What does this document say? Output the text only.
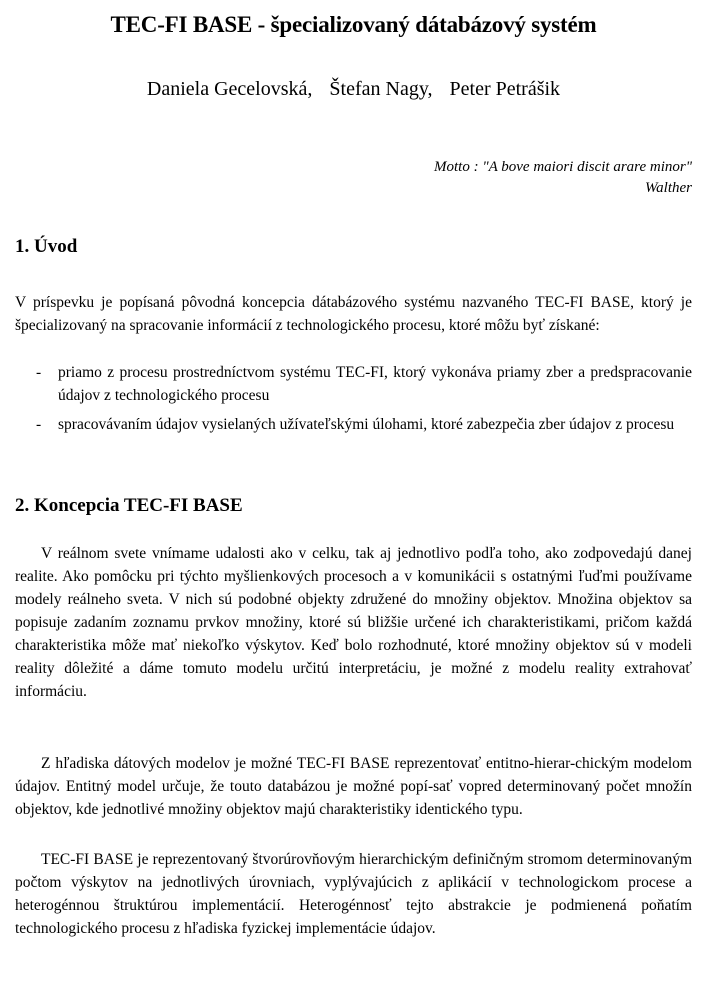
TEC-FI BASE - špecializovaný dátabázový systém
Daniela Gecelovská, Štefan Nagy, Peter Petrášik
Motto : "A bove maiori discit arare minor"
Walther
1. Úvod

V príspevku je popísaná pôvodná koncepcia dátabázového systému nazvaného TEC-FI BASE, ktorý je špecializovaný na spracovanie informácií z technologického procesu, ktoré môžu byť získané:

- priamo z procesu prostredníctvom systému TEC-FI, ktorý vykonáva priamy zber a predspracovanie údajov z technologického procesu
- spracovávaním údajov vysielaných užívateľskými úlohami, ktoré zabezpečia zber údajov z procesu
2. Koncepcia TEC-FI BASE

V reálnom svete vnímame udalosti ako v celku, tak aj jednotlivo podľa toho, ako zodpovedajú danej realite. Ako pomôcku pri týchto myšlienkových procesoch a v komunikácii s ostatnými ľuďmi používame modely reálneho sveta. V nich sú podobné objekty združené do množiny objektov. Množina objektov sa popisuje zadaním zoznamu prvkov množiny, ktoré sú bližšie určené ich charakteristikami, pričom každá charakteristika môže mať niekoľko výskytov. Keď bolo rozhodnuté, ktoré množiny objektov sú v modeli reality dôležité a dáme tomuto modelu určitú interpretáciu, je možné z modelu reality extrahovať informáciu.

Z hľadiska dátových modelov je možné TEC-FI BASE reprezentovať entitno-hierar-chickým modelom údajov. Entitný model určuje, že touto databázou je možné popí-sať vopred determinovaný počet množín objektov, kde jednotlivé množiny objektov majú charakteristiky identického typu.

TEC-FI BASE je reprezentovaný štvorúrovňovým hierarchickým definičným stromom determinovaným počtom výskytov na jednotlivých úrovniach, vyplývajúcich z aplikácií v technologickom procese a heterogénnou štruktúrou implementácií. Heterogénnosť tejto abstrakcie je podmienená poňatím technologického procesu z hľadiska fyzickej implementácie údajov.
